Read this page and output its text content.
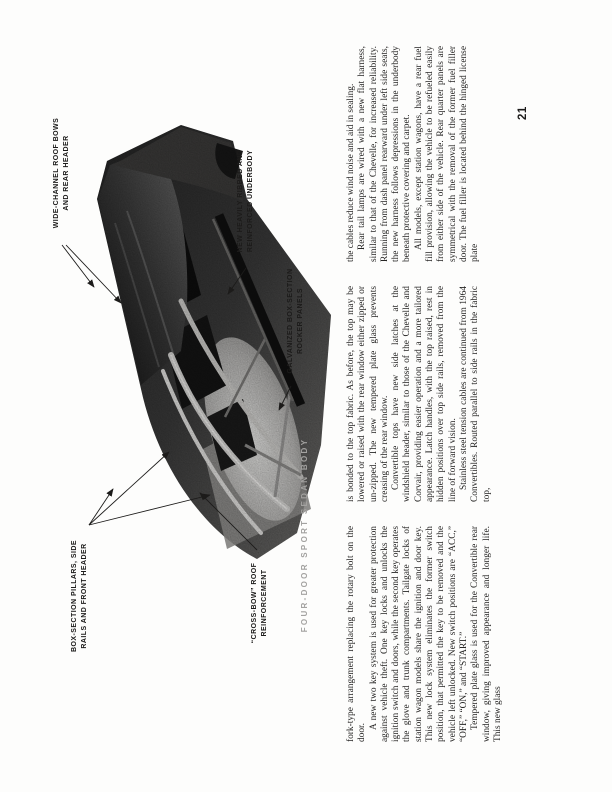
WIDE-CHANNEL ROOF BOWS AND REAR HEADER	NEW HEAVILY RIBBED AND REINFORCED UNDERBODY
GALVANIZED BOX-SECTION ROCKER PANELS
BOX-SECTION PILLARS, SIDE RAILS AND FRONT HEADER	“CROSS-BOW” ROOF REINFORCEMENT	FOUR-DOOR SPORT SEDAN BODY	fork-type arrangement replacing the rotary bolt on the door.

A new two key system is used for greater protection against vehicle theft. One key locks and unlocks the ignition switch and doors, while the second key operates the glove and trunk compartments. Tailgate locks of station wagon models share the ignition and door key. This new lock system eliminates the former switch position, that permitted the key to be removed and the vehicle left unlocked. New switch positions are “ACC,” “OFF,” “ON,” and “START.” Tempered plate glass is used for the Convertible rear window, giving improved appearance and longer life. This new glass

is bonded to the top fabric. As before, the top may be lowered or raised with the rear window either zipped or un-zipped. The new tempered plate glass prevents creasing of the rear window. Convertible tops have new side latches at the windshield header, similar to those of the Chevelle and Corvair, providing easier operation and a more tailored appearance. Latch handles, with the top raised, rest in hidden positions over top side rails, removed from the line of forward vision. Stainless steel tension cables are continued from 1964 Convertibles. Routed parallel to side rails in the fabric top,

the cables reduce wind noise and aid in sealing. Rear tail lamps are wired with a new flat harness, similar to that of the Chevelle, for increased reliability. Running from dash panel rearward under left side seats, the new harness follows depressions in the underbody beneath protective covering and carpet. All models, except station wagons, have a rear fuel fill provision, allowing the vehicle to be refueled easily from either side of the vehicle. Rear quarter panels are symmetrical with the removal of the former fuel filler door. The fuel filler is located behind the hinged license plate

21
